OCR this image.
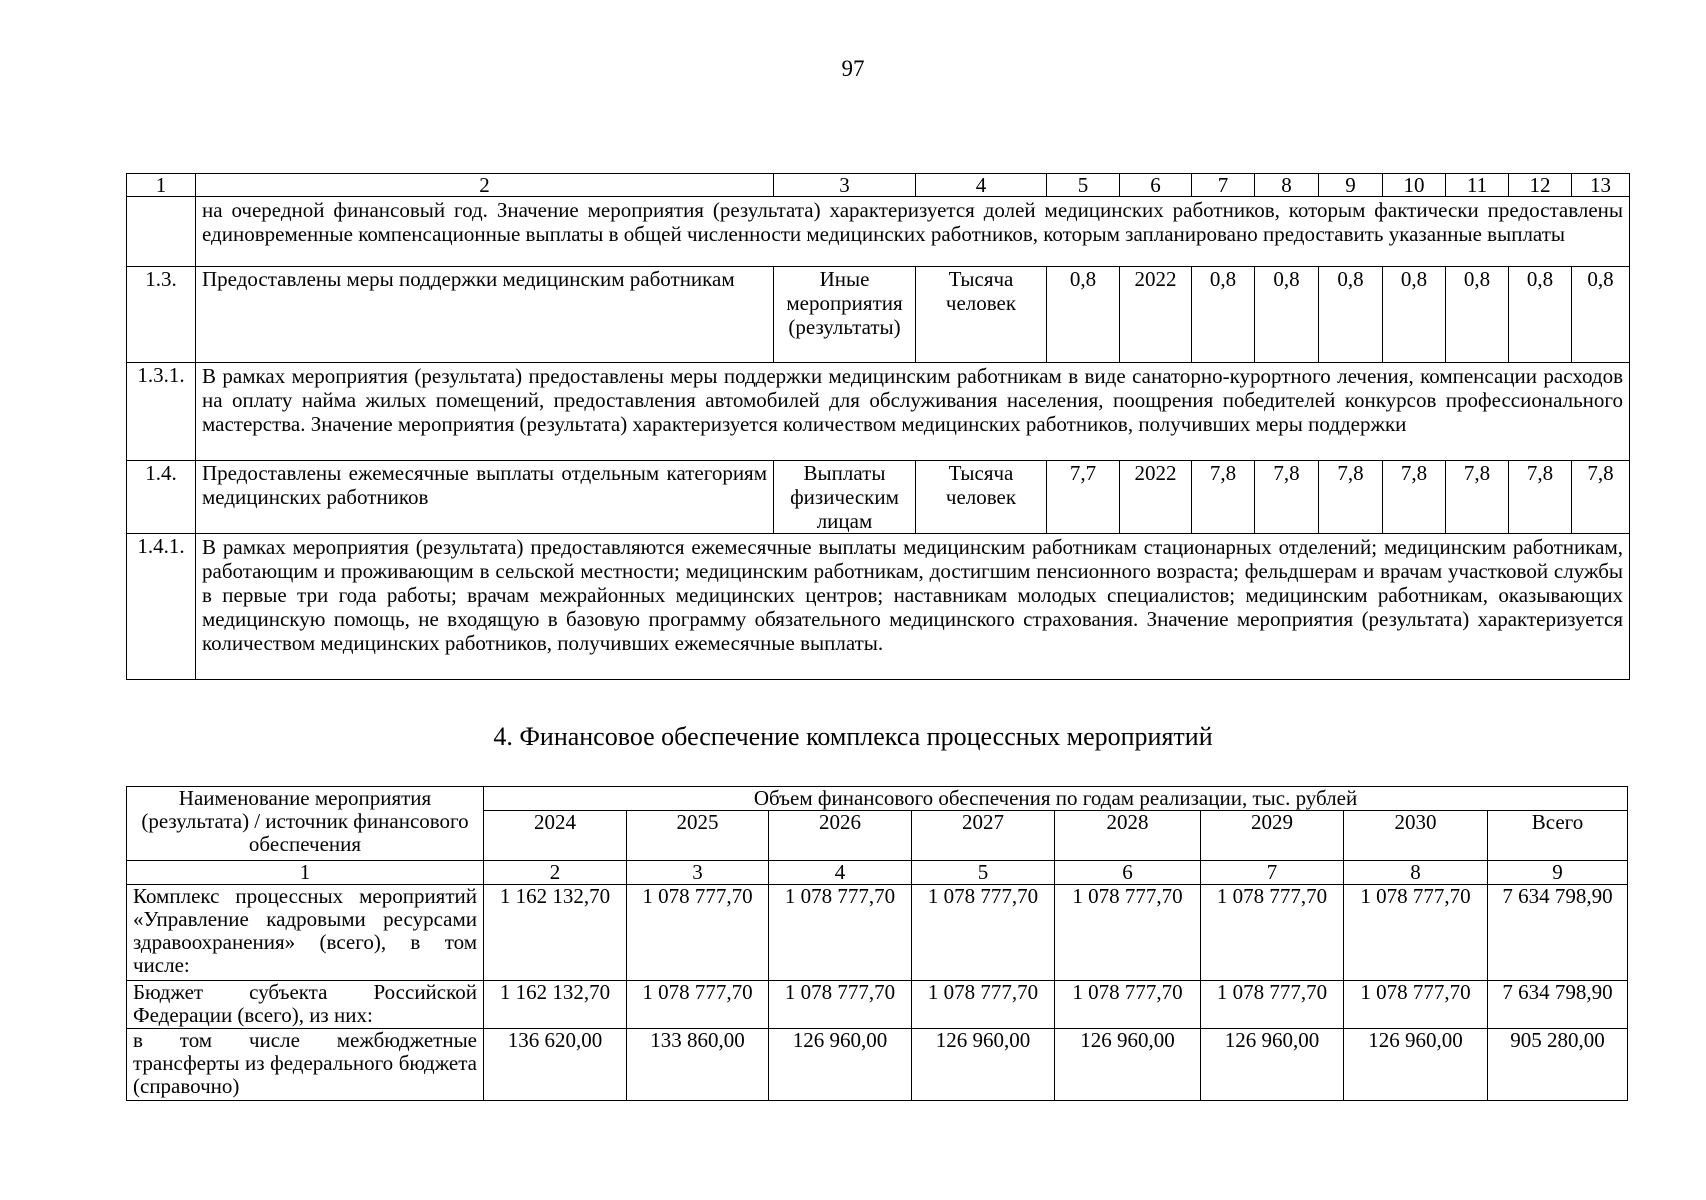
97
1	2	3	4	5	6	7	8	9	10	11	12	13
	на очередной финансовый год. Значение мероприятия (результата) характеризуется долей медицинских работников, которым фактически предоставлены единовременные компенсационные выплаты в общей численности медицинских работников, которым запланировано предоставить указанные выплаты											
1.3.	Предоставлены меры поддержки медицинским работникам	Иные мероприятия (результаты)	Тысяча человек	0,8	2022	0,8	0,8	0,8	0,8	0,8	0,8	0,8
1.3.1.	В рамках мероприятия (результата) предоставлены меры поддержки медицинским работникам в виде санаторно-курортного лечения, компенсации расходов на оплату найма жилых помещений, предоставления автомобилей для обслуживания населения, поощрения победителей конкурсов профессионального мастерства. Значение мероприятия (результата) характеризуется количеством медицинских работников, получивших меры поддержки											
1.4.	Предоставлены ежемесячные выплаты отдельным категориям медицинских работников	Выплаты физическим лицам	Тысяча человек	7,7	2022	7,8	7,8	7,8	7,8	7,8	7,8	7,8
1.4.1.	В рамках мероприятия (результата) предоставляются ежемесячные выплаты медицинским работникам стационарных отделений; медицинским работникам, работающим и проживающим в сельской местности; медицинским работникам, достигшим пенсионного возраста; фельдшерам и врачам участковой службы в первые три года работы; врачам межрайонных медицинских центров; наставникам молодых специалистов; медицинским работникам, оказывающих медицинскую помощь, не входящую в базовую программу обязательного медицинского страхования. Значение мероприятия (результата) характеризуется количеством медицинских работников, получивших ежемесячные выплаты.											
4. Финансовое обеспечение комплекса процессных мероприятий
Наименование мероприятия (результата) / источник финансового обеспечения	Объем финансового обеспечения по годам реализации, тыс. рублей							
	2024	2025	2026	2027	2028	2029	2030	Всего
1	2	3	4	5	6	7	8	9
Комплекс процессных мероприятий «Управление кадровыми ресурсами здравоохранения» (всего), в том числе:	1 162 132,70	1 078 777,70	1 078 777,70	1 078 777,70	1 078 777,70	1 078 777,70	1 078 777,70	7 634 798,90
Бюджет субъекта Российской Федерации (всего), из них:	1 162 132,70	1 078 777,70	1 078 777,70	1 078 777,70	1 078 777,70	1 078 777,70	1 078 777,70	7 634 798,90
в том числе межбюджетные трансферты из федерального бюджета (справочно)	136 620,00	133 860,00	126 960,00	126 960,00	126 960,00	126 960,00	126 960,00	905 280,00
